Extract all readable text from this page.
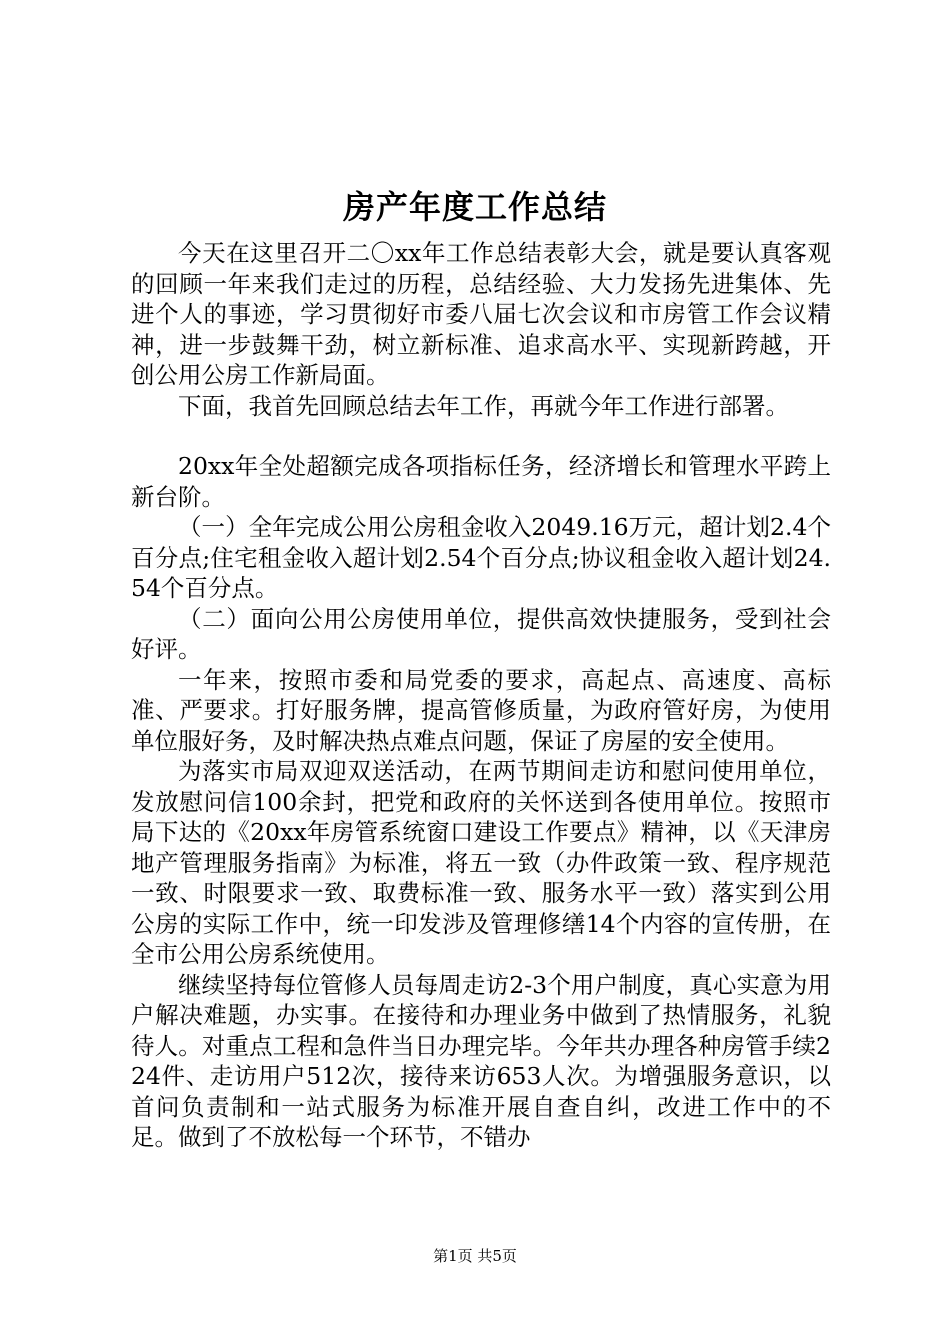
房产年度工作总结

今天在这里召开二〇xx年工作总结表彰大会，就是要认真客观的回顾一年来我们走过的历程，总结经验、大力发扬先进集体、先进个人的事迹，学习贯彻好市委八届七次会议和市房管工作会议精神，进一步鼓舞干劲，树立新标准、追求高水平、实现新跨越，开创公用公房工作新局面。

下面，我首先回顾总结去年工作，再就今年工作进行部署。

20xx年全处超额完成各项指标任务，经济增长和管理水平跨上新台阶。

（一）全年完成公用公房租金收入2049.16万元，超计划2.4个百分点;住宅租金收入超计划2.54个百分点;协议租金收入超计划24.54个百分点。

（二）面向公用公房使用单位，提供高效快捷服务，受到社会好评。

一年来，按照市委和局党委的要求，高起点、高速度、高标准、严要求。打好服务牌，提高管修质量，为政府管好房，为使用单位服好务，及时解决热点难点问题，保证了房屋的安全使用。

为落实市局双迎双送活动，在两节期间走访和慰问使用单位，发放慰问信100余封，把党和政府的关怀送到各使用单位。按照市局下达的《20xx年房管系统窗口建设工作要点》精神，以《天津房地产管理服务指南》为标准，将五一致（办件政策一致、程序规范一致、时限要求一致、取费标准一致、服务水平一致）落实到公用公房的实际工作中，统一印发涉及管理修缮14个内容的宣传册，在全市公用公房系统使用。

继续坚持每位管修人员每周走访2-3个用户制度，真心实意为用户解决难题，办实事。在接待和办理业务中做到了热情服务，礼貌待人。对重点工程和急件当日办理完毕。今年共办理各种房管手续224件、走访用户512次，接待来访653人次。为增强服务意识，以首问负责制和一站式服务为标准开展自查自纠，改进工作中的不足。做到了不放松每一个环节，不错办

第1页 共5页
